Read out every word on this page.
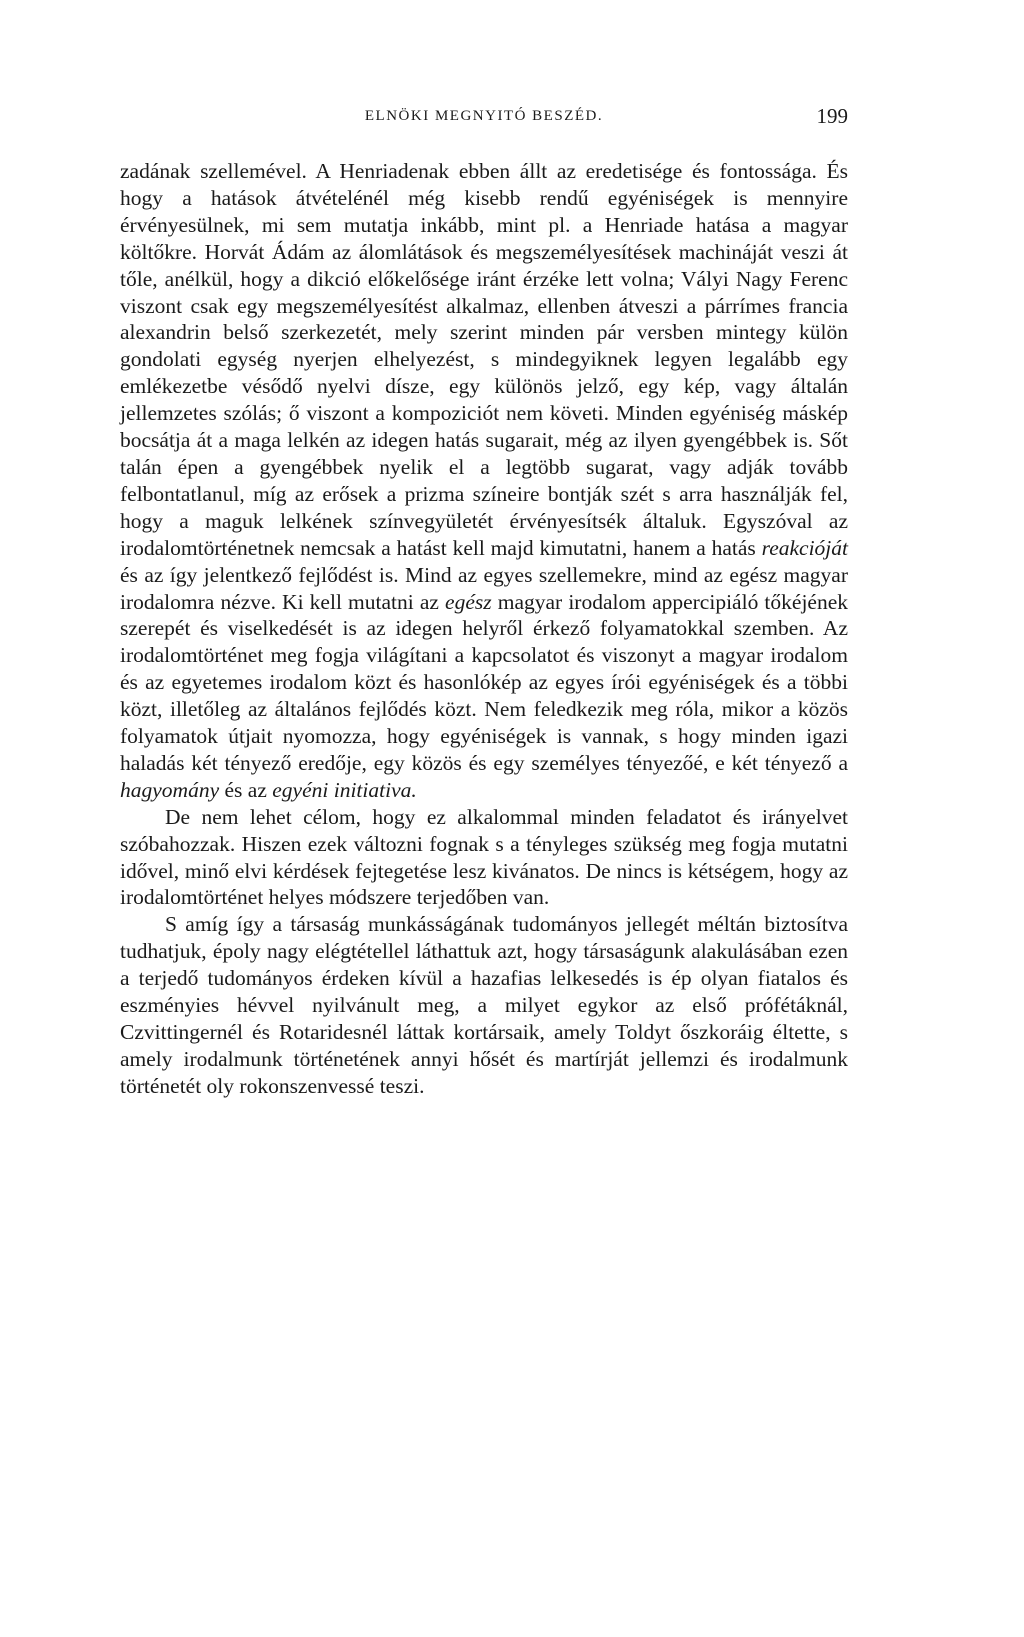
ELNÖKI MEGNYITÓ BESZÉD.	199

zadának szellemével. A Henriadenak ebben állt az eredetisége és fontossága. És hogy a hatások átvételénél még kisebb rendű egyéniségek is mennyire érvényesülnek, mi sem mutatja inkább, mint pl. a Henriade hatása a magyar költőkre. Horvát Ádám az álomlátások és megszemélyesítések machináját veszi át tőle, anélkül, hogy a dikció előkelősége iránt érzéke lett volna; Vályi Nagy Ferenc viszont csak egy megszemélyesítést alkalmaz, ellenben átveszi a párrímes francia alexandrin belső szerkezetét, mely szerint minden pár versben mintegy külön gondolati egység nyerjen elhelyezést, s mindegyiknek legyen legalább egy emlékezetbe vésődő nyelvi dísze, egy különös jelző, egy kép, vagy általán jellemzetes szólás; ő viszont a kompoziciót nem követi. Minden egyéniség máskép bocsátja át a maga lelkén az idegen hatás sugarait, még az ilyen gyengébbek is. Sőt talán épen a gyengébbek nyelik el a legtöbb sugarat, vagy adják tovább felbontatlanul, míg az erősek a prizma színeire bontják szét s arra használják fel, hogy a maguk lelkének színvegyületét érvényesítsék általuk. Egyszóval az irodalomtörténetnek nemcsak a hatást kell majd kimutatni, hanem a hatás reakcióját és az így jelentkező fejlődést is. Mind az egyes szellemekre, mind az egész magyar irodalomra nézve. Ki kell mutatni az egész magyar irodalom appercipiáló tőkéjének szerepét és viselkedését is az idegen helyről érkező folyamatokkal szemben. Az irodalomtörténet meg fogja világítani a kapcsolatot és viszonyt a magyar irodalom és az egyetemes irodalom közt és hasonlókép az egyes írói egyéniségek és a többi közt, illetőleg az általános fejlődés közt. Nem feledkezik meg róla, mikor a közös folyamatok útjait nyomozza, hogy egyéniségek is vannak, s hogy minden igazi haladás két tényező eredője, egy közös és egy személyes tényezőé, e két tényező a hagyomány és az egyéni initiativa.

De nem lehet célom, hogy ez alkalommal minden feladatot és irányelvet szóbahozzak. Hiszen ezek változni fognak s a tényleges szükség meg fogja mutatni idővel, minő elvi kérdések fejtegetése lesz kivánatos. De nincs is kétségem, hogy az irodalomtörténet helyes módszere terjedőben van.

S amíg így a társaság munkásságának tudományos jellegét méltán biztosítva tudhatjuk, époly nagy elégtétellel láthattuk azt, hogy társaságunk alakulásában ezen a terjedő tudományos érdeken kívül a hazafias lelkesedés is ép olyan fiatalos és eszményies hévvel nyilvánult meg, a milyet egykor az első prófétáknál, Czvittingernél és Rotaridesnél láttak kortársaik, amely Toldyt őszkoráig éltette, s amely irodalmunk történetének annyi hősét és martírját jellemzi és irodalmunk történetét oly rokonszenvessé teszi.
